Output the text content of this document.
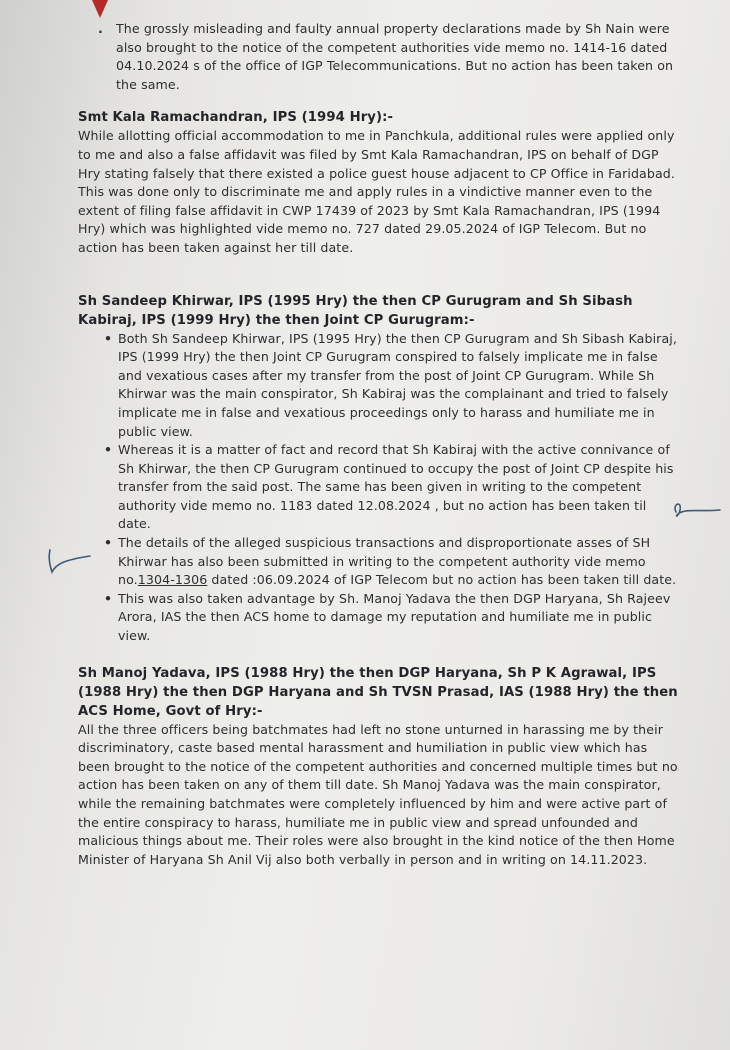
. The grossly misleading and faulty annual property declarations made by Sh Nain were also brought to the notice of the competent authorities vide memo no. 1414-16 dated 04.10.2024 s of the office of IGP Telecommunications. But no action has been taken on the same.

Smt Kala Ramachandran, IPS (1994 Hry):-

While allotting official accommodation to me in Panchkula, additional rules were applied only to me and also a false affidavit was filed by Smt Kala Ramachandran, IPS on behalf of DGP Hry stating falsely that there existed a police guest house adjacent to CP Office in Faridabad. This was done only to discriminate me and apply rules in a vindictive manner even to the extent of filing false affidavit in CWP 17439 of 2023 by Smt Kala Ramachandran, IPS (1994 Hry) which was highlighted vide memo no. 727 dated 29.05.2024 of IGP Telecom. But no action has been taken against her till date.

Sh Sandeep Khirwar, IPS (1995 Hry) the then CP Gurugram and Sh Sibash Kabiraj, IPS (1999 Hry) the then Joint CP Gurugram:-

• Both Sh Sandeep Khirwar, IPS (1995 Hry) the then CP Gurugram and Sh Sibash Kabiraj, IPS (1999 Hry) the then Joint CP Gurugram conspired to falsely implicate me in false and vexatious cases after my transfer from the post of Joint CP Gurugram. While Sh Khirwar was the main conspirator, Sh Kabiraj was the complainant and tried to falsely implicate me in false and vexatious proceedings only to harass and humiliate me in public view.
• Whereas it is a matter of fact and record that Sh Kabiraj with the active connivance of Sh Khirwar, the then CP Gurugram continued to occupy the post of Joint CP despite his transfer from the said post. The same has been given in writing to the competent authority vide memo no. 1183 dated 12.08.2024 , but no action has been taken til date.
• The details of the alleged suspicious transactions and disproportionate asses of SH Khirwar has also been submitted in writing to the competent authority vide memo no.1304-1306 dated :06.09.2024 of IGP Telecom but no action has been taken till date.
• This was also taken advantage by Sh. Manoj Yadava the then DGP Haryana, Sh Rajeev Arora, IAS the then ACS home to damage my reputation and humiliate me in public view.

Sh Manoj Yadava, IPS (1988 Hry) the then DGP Haryana, Sh P K Agrawal, IPS (1988 Hry) the then DGP Haryana and Sh TVSN Prasad, IAS (1988 Hry) the then ACS Home, Govt of Hry:-

All the three officers being batchmates had left no stone unturned in harassing me by their discriminatory, caste based mental harassment and humiliation in public view which has been brought to the notice of the competent authorities and concerned multiple times but no action has been taken on any of them till date. Sh Manoj Yadava was the main conspirator, while the remaining batchmates were completely influenced by him and were active part of the entire conspiracy to harass, humiliate me in public view and spread unfounded and malicious things about me. Their roles were also brought in the kind notice of the then Home Minister of Haryana Sh Anil Vij also both verbally in person and in writing on 14.11.2023.
